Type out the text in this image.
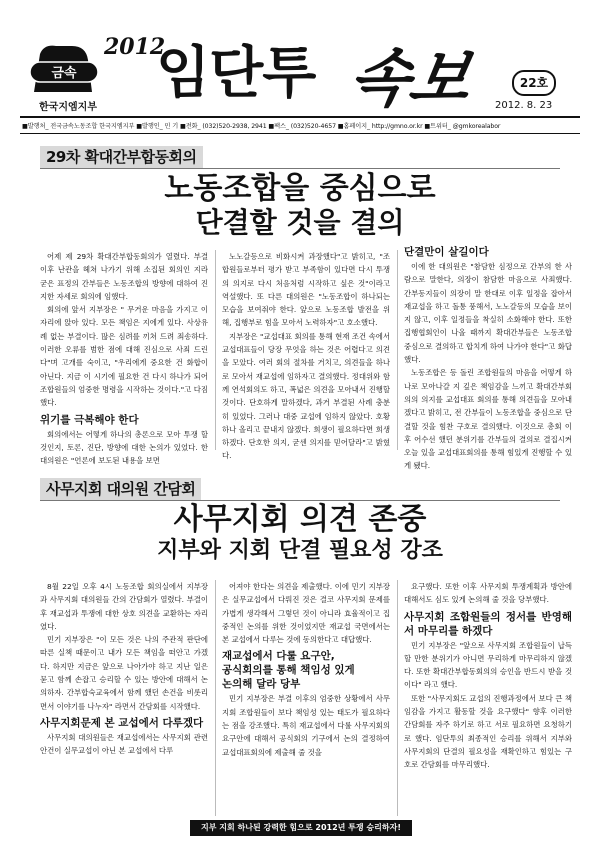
금속
한국지엠지부
2012
임단투 속보	22호
2012. 8. 23
■발행처_ 전국금속노동조합 한국지엠지부 ■발행인_ 민 기 ■전화_ (032)520-2938, 2941 ■팩스_ (032)520-4657 ■홈페이지_ http://gmno.or.kr ■트위터_ @gmkorealabor
29차 확대간부합동회의
노동조합을 중심으로
단결할 것을 결의

어제 제 29차 확대간부합동회의가 열렸다. 부결 이후 난관을 헤쳐 나가기 위해 소집된 회의인 지라 굳은 표정의 간부들은 노동조합의 방향에 대하여 진지한 자세로 회의에 임했다.

회의에 앞서 지부장은 " 무거운 마음을 가지고 이 자리에 앉아 있다. 모든 책임은 지에게 있다. 사상유례 없는 부결이다. 많은 심려를 끼쳐 드려 죄송하다. 이러한 오류를 범한 점에 대해 진심으로 사죄 드린다"며 고개를 숙이고, "우리에게 중요한 건 화합이 아닌다. 지금 이 시기에 필요한 건 다시 하나가 되어 조합원들의 엄중한 명령을 시작하는 것이다."고 다짐했다.

위기를 극복해야 한다

회의에서는 어떻게 하나의 총론으로 모아 투쟁 할 것인지, 토론, 진단, 방향에 대한 논의가 있었다. 한 대의원은 "언론에 보도된 내용을 보면

노노갈등으로 비화시켜 과장했다"고 밝히고, "조합원들로부터 평가 받고 부족함이 있다면 다시 투쟁의 의지로 다시 처음처럼 시작하고 싶은 것"이라고 역설했다. 또 다른 대의원은 "노동조합이 하나되는 모습을 보여줘야 한다. 앞으로 노동조합 발전을 위해, 집행부로 힘을 모아서 노력하자"고 호소했다.

지부장은 "교섭대표 회의를 통해 현재 조건 속에서 교섭대표들이 당장 무엇을 하는 것은 어렵다고 의견을 모았다. 여러 회의 절차를 거치고, 의견들을 하나로 모아서 재교섭에 임하자고 결의했다. 정대위와 함께 연석회의도 하고, 폭넓은 의견을 모아내서 진행할 것이다. 단호하게 말하겠다, 과거 부결된 사례 충분히 있었다. 그러나 대중 교섭에 임하지 않았다. 호황 하나 올리고 끝내지 않겠다. 희생이 필요하다면 희생하겠다. 단호한 의지, 굳센 의지를 믿어달라"고 밝혔다.

단결만이 살길이다

이에 한 대의원은 "참담한 심정으로 간부의 한 사람으로 말한다, 의장이 참담한 마음으로 사죄했다. 간부동지들이 의장이 말 한대로 이후 일정을 잡아서 재교섭을 하고 돌통 풍해서, 노노갈등의 모습을 보이지 않고, 이후 일정들을 착실히 소화해야 한다. 또한 집행협회인이 나올 때까지 확대간부들은 노동조합 중심으로 결의하고 합치게 하여 나가야 한다"고 화답했다.

노동조합은 등 돌린 조합원들의 마음을 어떻게 하나로 모아나갈 지 깊은 책임감을 느끼고 확대간부회의의 의지를 교섭대표 회의를 통해 의견들을 모아내겠다고 밝히고, 전 간부들이 노동조합을 중심으로 단결할 것을 힘찬 구호로 결의했다. 이것으로 총회 이후 어수선 했던 분위기를 간부들의 결의로 결집시켜 오늘 있을 교섭대표회의를 통해 힘있게 진행할 수 있게 됐다.

사무지회 대의원 간담회
사무지회 의견 존중
지부와 지회 단결 필요성 강조

8월 22일 오후 4시 노동조합 회의실에서 지부장과 사무지회 대의원들 간의 간담회가 열렸다. 부결이후 재교섭과 투쟁에 대한 상호 의견을 교환하는 자리였다.

민기 지부장은 "이 모든 것은 나의 주관적 판단에 따른 실책 때문이고 내가 모든 책임을 떠안고 가겠다. 하지만 지금은 앞으로 나아가야 하고 지난 일은 묻고 함께 손잡고 승리할 수 있는 방안에 대해서 논의하자. 간부합숙교육에서 함께 했던 손건을 비롯리면서 이야기를 나누자" 라면서 간담회를 시작했다.

사무지회문제 본 교섭에서 다루겠다

사무지회 대의원들은 재교섭에서는 사무지회 관련 안건이 실무교섭이 아닌 본 교섭에서 다루

어져야 한다는 의견을 제출했다. 이에 민기 지부장은 실무교섭에서 다뤄진 것은 결코 사무지회 문제를 가볍게 생각해서 그렇던 것이 아니라 효율적이고 집중적인 논의를 위한 것이었지만 재교섭 국면에서는 본 교섭에서 다루는 것에 동의한다고 대답했다.

재교섭에서 다룰 요구안,
공식회의를 통해 책임성 있게
논의해 달라 당부

민기 지부장은 부결 이후의 엄중한 상황에서 사무지회 조합원들이 보다 책임성 있는 태도가 필요하다는 점을 강조했다. 특히 재교섭에서 다룰 사무지회의 요구안에 대해서 공식회의 기구에서 논의 결정하여 교섭대표회의에 제출해 줄 것을

요구했다. 또한 이후 사무지회 투쟁계획과 방안에 대해서도 심도 있게 논의해 줄 것을 당부했다.

사무지회 조합원들의 정서를 반영해서 마무리를 하겠다

민기 지부장은 "앞으로 사무지회 조합원들이 납득할 만한 분위기가 아니면 무리하게 마무리하지 않겠다. 또한 확대간부합동회의의 승인을 반드시 받을 것이다" 라고 했다.

또한 "사무지회도 교섭의 진행과정에서 보다 큰 책임감을 가지고 활동할 것을 요구했다" 향후 이러한 간담회를 자주 하기로 하고 서로 필요하면 요청하기로 했다. 임단투의 최종적인 승리를 위해서 지부와 사무지회의 단결의 필요성을 재확인하고 힘있는 구호로 간담회를 마무리했다.

지부 지회 하나된 강력한 힘으로 2012년 투쟁 승리하자!
